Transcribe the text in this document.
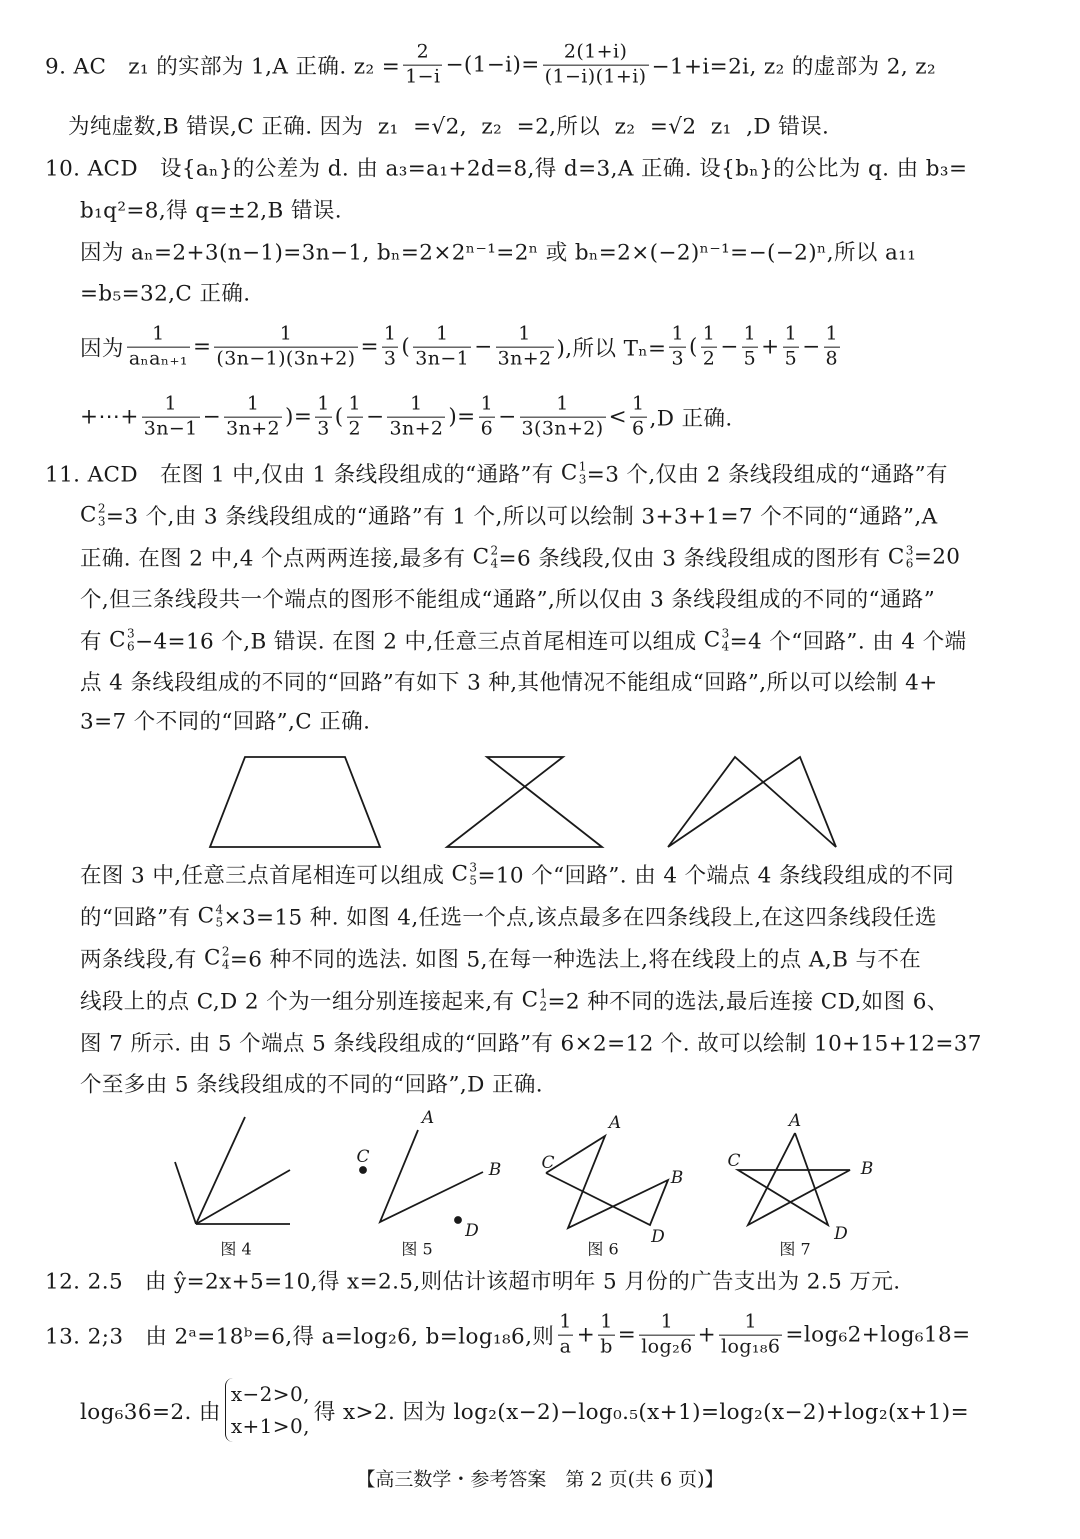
9. AC　z₁ 的实部为 1,A 正确. $z_2 = \frac{2}{1-i} -(1-i)= \frac{2(1+i)}{(1-i)(1+i)} -1+i=2i$, z₂ 的虚部为 2, z₂
为纯虚数,B 错误,C 正确. 因为  z₁  =√2,  z₂  =2,所以  z₂  =√2  z₁  ,D 错误.
10. ACD　设{aₙ}的公差为 d. 由 a₃=a₁+2d=8,得 d=3,A 正确. 设{bₙ}的公比为 q. 由 b₃=
b₁q²=8,得 q=±2,B 错误.
因为 aₙ=2+3(n−1)=3n−1, bₙ=2×2ⁿ⁻¹=2ⁿ 或 bₙ=2×(−2)ⁿ⁻¹=−(−2)ⁿ,所以 a₁₁
=b₅=32,C 正确.
因为 $\frac{1}{\text{aₙaₙ₊₁}} = \frac{1}{(3n-1)(3n+2)} = \frac{1}{3}$ ( $\frac{1}{3n-1} - \frac{1}{3n+2}$ ),所以 $T_n= \frac{1}{3}$ ( $\frac{1}{2} - \frac{1}{5} + \frac{1}{5} - \frac{1}{8}$
+⋯+ $\frac{1}{3n-1} - \frac{1}{3n+2}$ )= $\frac{1}{3}$ ( $\frac{1}{2} - \frac{1}{3n+2}$ )= $\frac{1}{6} - \frac{1}{3(3n+2)} < \frac{1}{6} ,D$ 正确.
11. ACD　在图 1 中,仅由 1 条线段组成的“通路”有 C 1
3 =3 个,仅由 2 条线段组成的“通路”有
C 2
3 =3 个,由 3 条线段组成的“通路”有 1 个,所以可以绘制 3+3+1=7 个不同的“通路”,A
正确. 在图 2 中,4 个点两两连接,最多有 C 2
4 =6 条线段,仅由 3 条线段组成的图形有 C 3
6 =20
个,但三条线段共一个端点的图形不能组成“通路”,所以仅由 3 条线段组成的不同的“通路”
有 C 3
6 −4=16 个,B 错误. 在图 2 中,任意三点首尾相连可以组成 C 3
4 =4 个“回路”. 由 4 个端
点 4 条线段组成的不同的“回路”有如下 3 种,其他情况不能组成“回路”,所以可以绘制 4+
3=7 个不同的“回路”,C 正确.
在图 3 中,任意三点首尾相连可以组成 C 3
5 =10 个“回路”. 由 4 个端点 4 条线段组成的不同
的“回路”有 C 4
5 ×3=15 种. 如图 4,任选一个点,该点最多在四条线段上,在这四条线段任选
两条线段,有 C 2
4 =6 种不同的选法. 如图 5,在每一种选法上,将在线段上的点 A,B 与不在
线段上的点 C,D 2 个为一组分别连接起来,有 C 1
2 =2 种不同的选法,最后连接 CD,如图 6、
图 7 所示. 由 5 个端点 5 条线段组成的“回路”有 6×2=12 个. 故可以绘制 10+15+12=37
个至多由 5 条线段组成的不同的“回路”,D 正确.
12. 2.5　由 ŷ=2x+5=10,得 x=2.5,则估计该超市明年 5 月份的广告支出为 2.5 万元.
13. 2;3　由 2ᵃ=18ᵇ=6,得 a=log₂6, b=log₁₈6,则 $\frac{1}{a} + \frac{1}{b} = \frac{1}{\text{log₂6}} + \frac{1}{\text{log₁₈6}} =\log_62+\log_618=$
log₆36=2. 由
x−2>0,
x+1>0,
得 x>2. 因为 log₂(x−2)−log₀.₅(x+1)=log₂(x−2)+log₂(x+1)=
A
C
B
D
A
C
B
D
A
C	B
D
图 4	图 5	图 6	图 7
【高三数学・参考答案　第 2 页(共 6 页)】
